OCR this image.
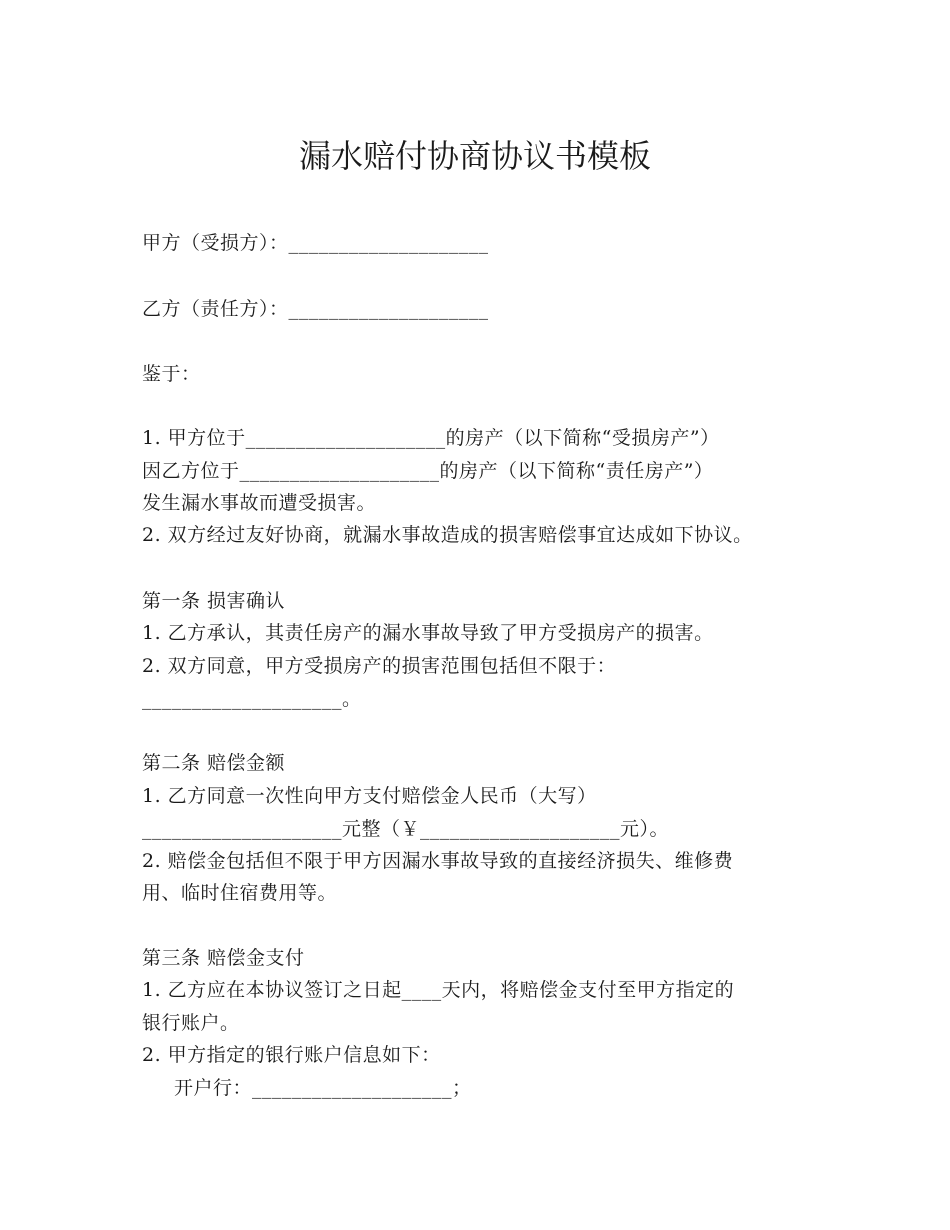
漏水赔付协商协议书模板
甲方（受损方）：____________________
乙方（责任方）：____________________
鉴于：
1. 甲方位于____________________的房产（以下简称“受损房产”）
因乙方位于____________________的房产（以下简称“责任房产”）
发生漏水事故而遭受损害。
2. 双方经过友好协商，就漏水事故造成的损害赔偿事宜达成如下协议。
第一条 损害确认
1. 乙方承认，其责任房产的漏水事故导致了甲方受损房产的损害。
2. 双方同意，甲方受损房产的损害范围包括但不限于：
____________________。
第二条 赔偿金额
1. 乙方同意一次性向甲方支付赔偿金人民币（大写）
____________________元整（￥____________________元）。
2. 赔偿金包括但不限于甲方因漏水事故导致的直接经济损失、维修费
用、临时住宿费用等。
第三条 赔偿金支付
1. 乙方应在本协议签订之日起____天内，将赔偿金支付至甲方指定的
银行账户。
2. 甲方指定的银行账户信息如下：
开户行：____________________；
